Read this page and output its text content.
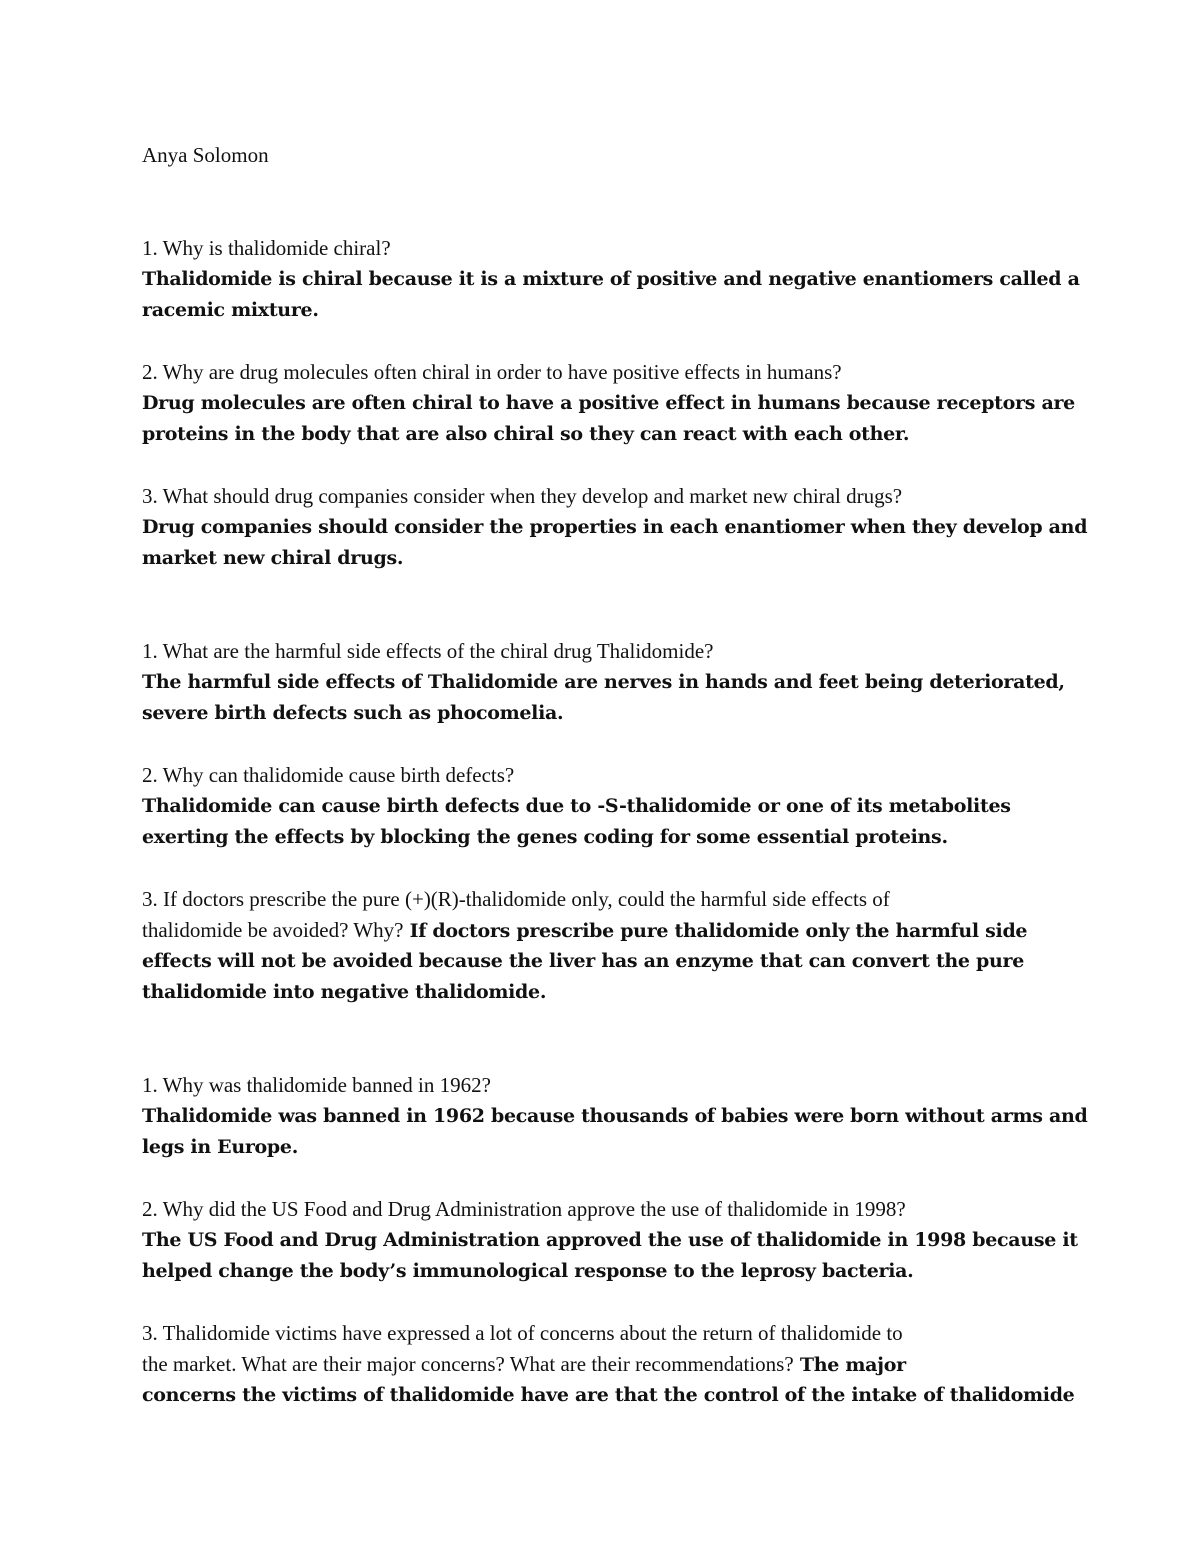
Anya Solomon
1. Why is thalidomide chiral?
Thalidomide is chiral because it is a mixture of positive and negative enantiomers called a
racemic mixture.
2. Why are drug molecules often chiral in order to have positive effects in humans?
Drug molecules are often chiral to have a positive effect in humans because receptors are
proteins in the body that are also chiral so they can react with each other.
3. What should drug companies consider when they develop and market new chiral drugs?
Drug companies should consider the properties in each enantiomer when they develop and
market new chiral drugs.
1. What are the harmful side effects of the chiral drug Thalidomide?
The harmful side effects of Thalidomide are nerves in hands and feet being deteriorated,
severe birth defects such as phocomelia.
2. Why can thalidomide cause birth defects?
Thalidomide can cause birth defects due to -S-thalidomide or one of its metabolites
exerting the effects by blocking the genes coding for some essential proteins.
3. If doctors prescribe the pure (+)(R)-thalidomide only, could the harmful side effects of
thalidomide be avoided? Why? If doctors prescribe pure thalidomide only the harmful side
effects will not be avoided because the liver has an enzyme that can convert the pure
thalidomide into negative thalidomide.
1. Why was thalidomide banned in 1962?
Thalidomide was banned in 1962 because thousands of babies were born without arms and
legs in Europe.
2. Why did the US Food and Drug Administration approve the use of thalidomide in 1998?
The US Food and Drug Administration approved the use of thalidomide in 1998 because it
helped change the body’s immunological response to the leprosy bacteria.
3. Thalidomide victims have expressed a lot of concerns about the return of thalidomide to
the market. What are their major concerns? What are their recommendations? The major
concerns the victims of thalidomide have are that the control of the intake of thalidomide
